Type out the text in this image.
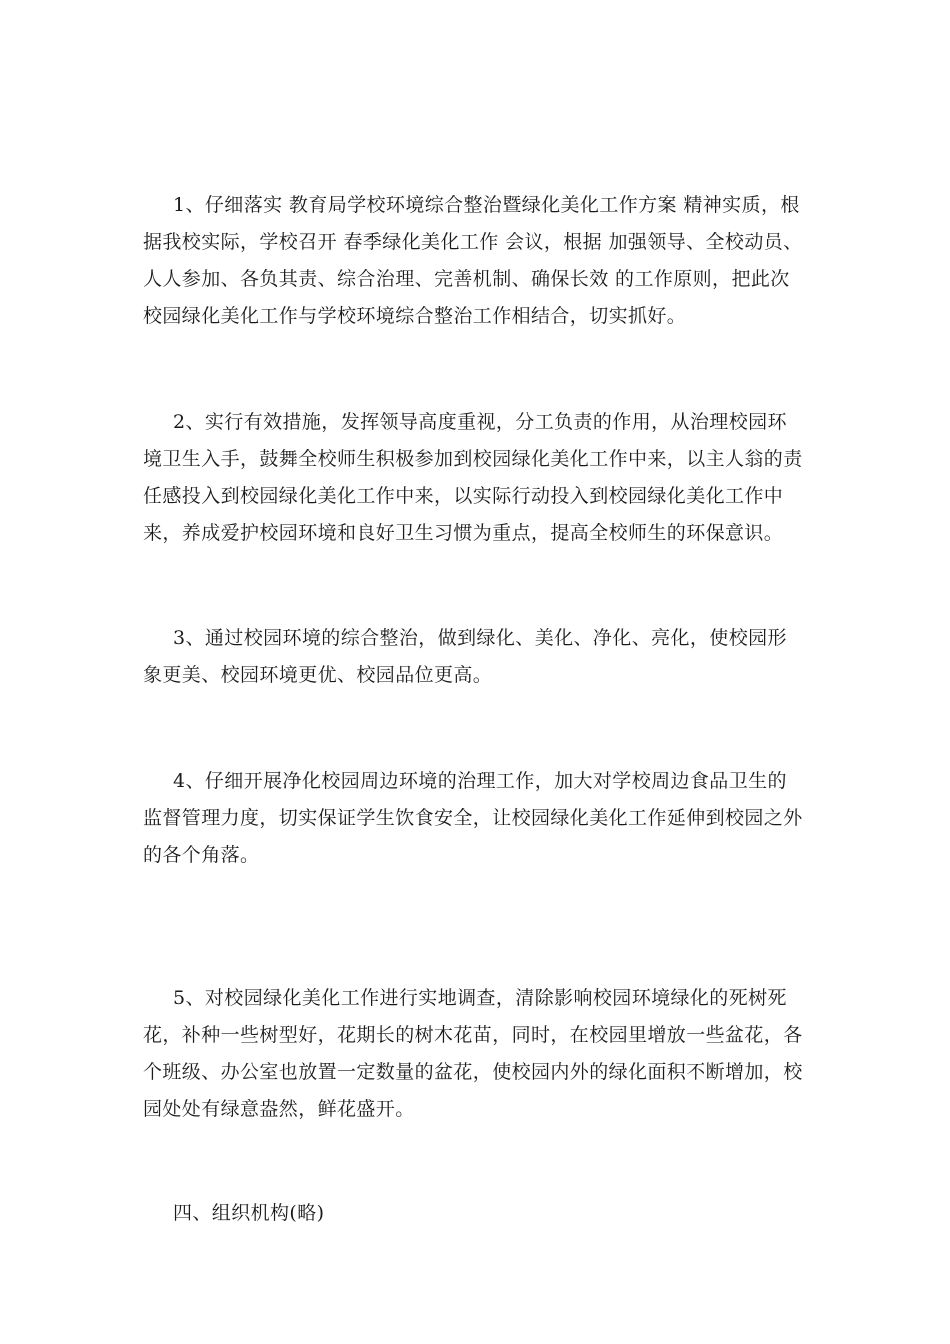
1、仔细落实 教育局学校环境综合整治暨绿化美化工作方案 精神实质，根据我校实际，学校召开 春季绿化美化工作 会议，根据 加强领导、全校动员、人人参加、各负其责、综合治理、完善机制、确保长效 的工作原则，把此次校园绿化美化工作与学校环境综合整治工作相结合，切实抓好。

2、实行有效措施，发挥领导高度重视，分工负责的作用，从治理校园环境卫生入手，鼓舞全校师生积极参加到校园绿化美化工作中来，以主人翁的责任感投入到校园绿化美化工作中来，以实际行动投入到校园绿化美化工作中来，养成爱护校园环境和良好卫生习惯为重点，提高全校师生的环保意识。

3、通过校园环境的综合整治，做到绿化、美化、净化、亮化，使校园形象更美、校园环境更优、校园品位更高。

4、仔细开展净化校园周边环境的治理工作，加大对学校周边食品卫生的监督管理力度，切实保证学生饮食安全，让校园绿化美化工作延伸到校园之外的各个角落。

5、对校园绿化美化工作进行实地调查，清除影响校园环境绿化的死树死花，补种一些树型好，花期长的树木花苗，同时，在校园里增放一些盆花，各个班级、办公室也放置一定数量的盆花，使校园内外的绿化面积不断增加，校园处处有绿意盎然，鲜花盛开。

四、组织机构(略)
